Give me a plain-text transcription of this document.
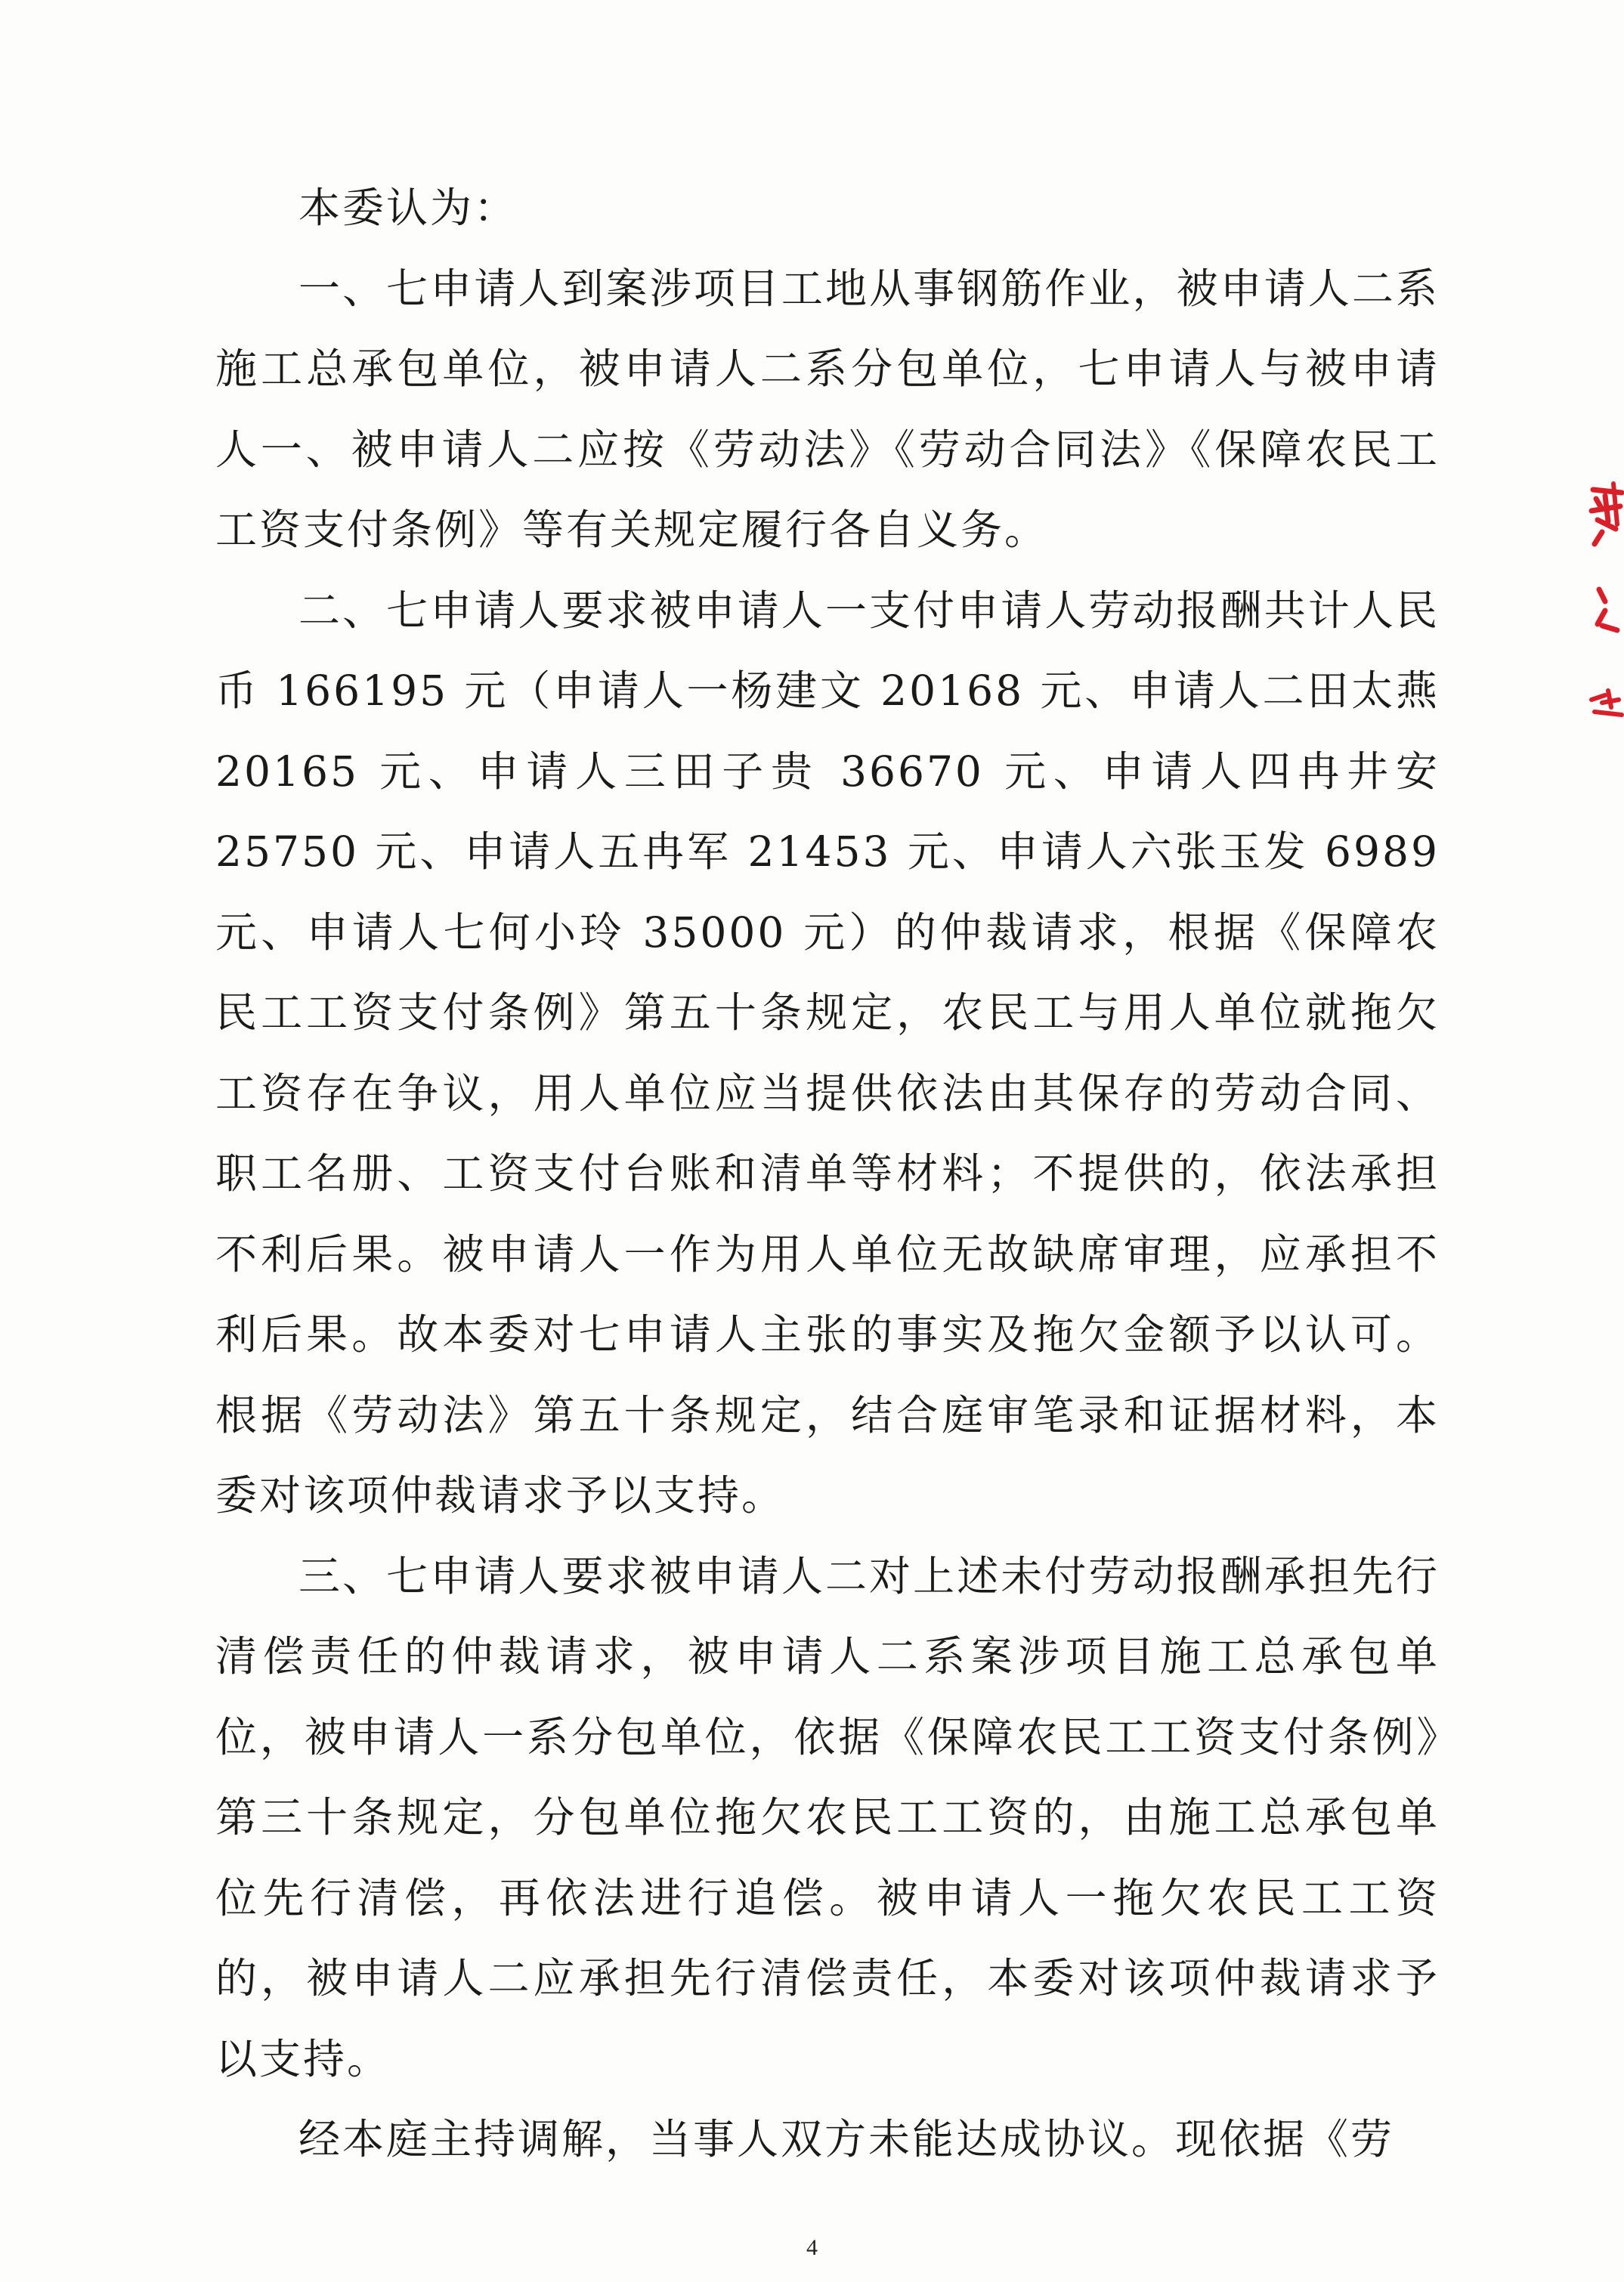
本委认为：

一、七申请人到案涉项目工地从事钢筋作业，被申请人二系施工总承包单位，被申请人二系分包单位，七申请人与被申请人一、被申请人二应按《劳动法》《劳动合同法》《保障农民工工资支付条例》等有关规定履行各自义务。

二、七申请人要求被申请人一支付申请人劳动报酬共计人民币 166195 元（申请人一杨建文 20168 元、申请人二田太燕 20165 元、申请人三田子贵 36670 元、申请人四冉井安 25750 元、申请人五冉军 21453 元、申请人六张玉发 6989 元、申请人七何小玲 35000 元）的仲裁请求，根据《保障农民工工资支付条例》第五十条规定，农民工与用人单位就拖欠工资存在争议，用人单位应当提供依法由其保存的劳动合同、职工名册、工资支付台账和清单等材料；不提供的，依法承担不利后果。被申请人一作为用人单位无故缺席审理，应承担不利后果。故本委对七申请人主张的事实及拖欠金额予以认可。根据《劳动法》第五十条规定，结合庭审笔录和证据材料，本委对该项仲裁请求予以支持。

三、七申请人要求被申请人二对上述未付劳动报酬承担先行清偿责任的仲裁请求，被申请人二系案涉项目施工总承包单位，被申请人一系分包单位，依据《保障农民工工资支付条例》第三十条规定，分包单位拖欠农民工工资的，由施工总承包单位先行清偿，再依法进行追偿。被申请人一拖欠农民工工资的，被申请人二应承担先行清偿责任，本委对该项仲裁请求予以支持。

经本庭主持调解，当事人双方未能达成协议。现依据《劳

4
